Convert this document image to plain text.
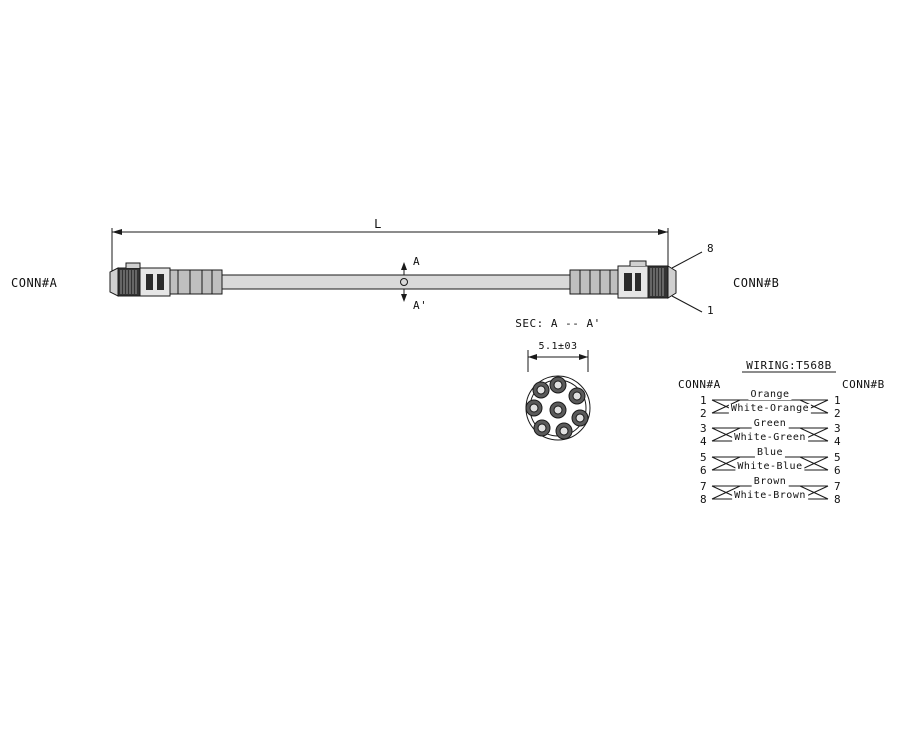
CONN#A	CONN#B
L
A
A'
8
1
SEC: A -- A'
5.1±03
WIRING:T568B
CONN#A	CONN#B
1
2
3
4
5
6
7
8
1
2
3
4
5
6
7
8
Orange
White-Orange
Green
White-Green
Blue
White-Blue
Brown
White-Brown
